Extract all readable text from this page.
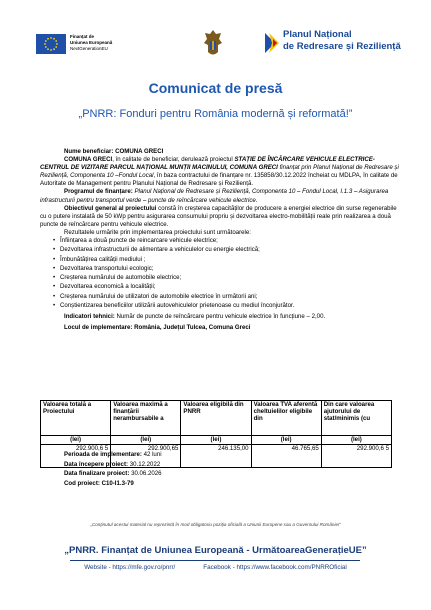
Finanțat de
Uniunea Europeană
NextGenerationEU
Planul Național
de Redresare și Reziliență
Comunicat de presă
„PNRR: Fonduri pentru România modernă și reformată!”

Nume beneficiar: COMUNA GRECI

COMUNA GRECI, în calitate de beneficiar, derulează proiectul STAȚIE DE ÎNCĂRCARE VEHICULE ELECTRICE-CENTRUL DE VIZITARE PARCUL NAȚIONAL MUNȚII MACINULUI, COMUNA GRECI finanțat prin Planul Național de Redresare și Reziliență, Componenta 10 –Fondul Local, în baza contractului de finanțare nr. 135858/30.12.2022 încheiat cu MDLPA, în calitate de Autoritate de Management pentru Planului Național de Redresare și Reziliență.

Programul de finanțare: Planul Național de Redresare și Reziliență, Componenta 10 – Fondul Local, I.1.3 – Asigurarea infrastructurii pentru transportul verde – puncte de reîncărcare vehicule electrice.

Obiectivul general al proiectului constă în creșterea capacităților de producere a energiei electrice din surse regenerabile cu o putere instalată de 50 kWp pentru asigurarea consumului propriu și dezvoltarea electro-mobilității reale prin realizarea a două puncte de reîncărcare pentru vehicule electrice.

Rezultatele urmărite prin implementarea proiectului sunt următoarele:

• Înființarea a două puncte de reincarcare vehicule electrice;
• Dezvoltarea infrastructurii de alimentare a vehiculelor cu energie electrică;
• Îmbunătățirea calității mediului ;
• Dezvoltarea transportului ecologic;
• Creșterea numărului de automobile electrice;
• Dezvoltarea economică a localității;
• Creșterea numărului de utilizatori de automobile electrice în următorii ani;
• Conștientizarea beneficiilor utilizării autovehiculelor prietenoase cu mediul înconjurător.

Indicatori tehnici: Număr de puncte de reîncărcare pentru vehicule electrice în funcțiune – 2,00.

Locul de implementare: România, Județul Tulcea, Comuna Greci

Valoarea totală a Proiectului	Valoarea maximă a finanțării nerambursabile a	Valoarea eligibilă din PNRR	Valoarea TVA aferentă cheltuielilor eligibile din	Din care valoarea ajutorului de stat/minimis (cu
(lei)	(lei)	(lei)	(lei)	(lei)
292.900,6 5	292.900,65	246.135,00	46.765,65	292.900,6 5
Perioada de implementare: 42 luni
Data începere proiect: 30.12.2022
Data finalizare proiect: 30.06.2026
Cod proiect: C10-I1.3-79
„Conținutul acestui material nu reprezintă în mod obligatoriu poziția oficială a Uniunii Europene sau a Guvernului României”
„PNRR. Finanțat de Uniunea Europeană - UrmătoareaGenerațieUE”
Website - https://mfe.gov.ro/pnrr/                Facebook - https://www.facebook.com/PNRROficial
